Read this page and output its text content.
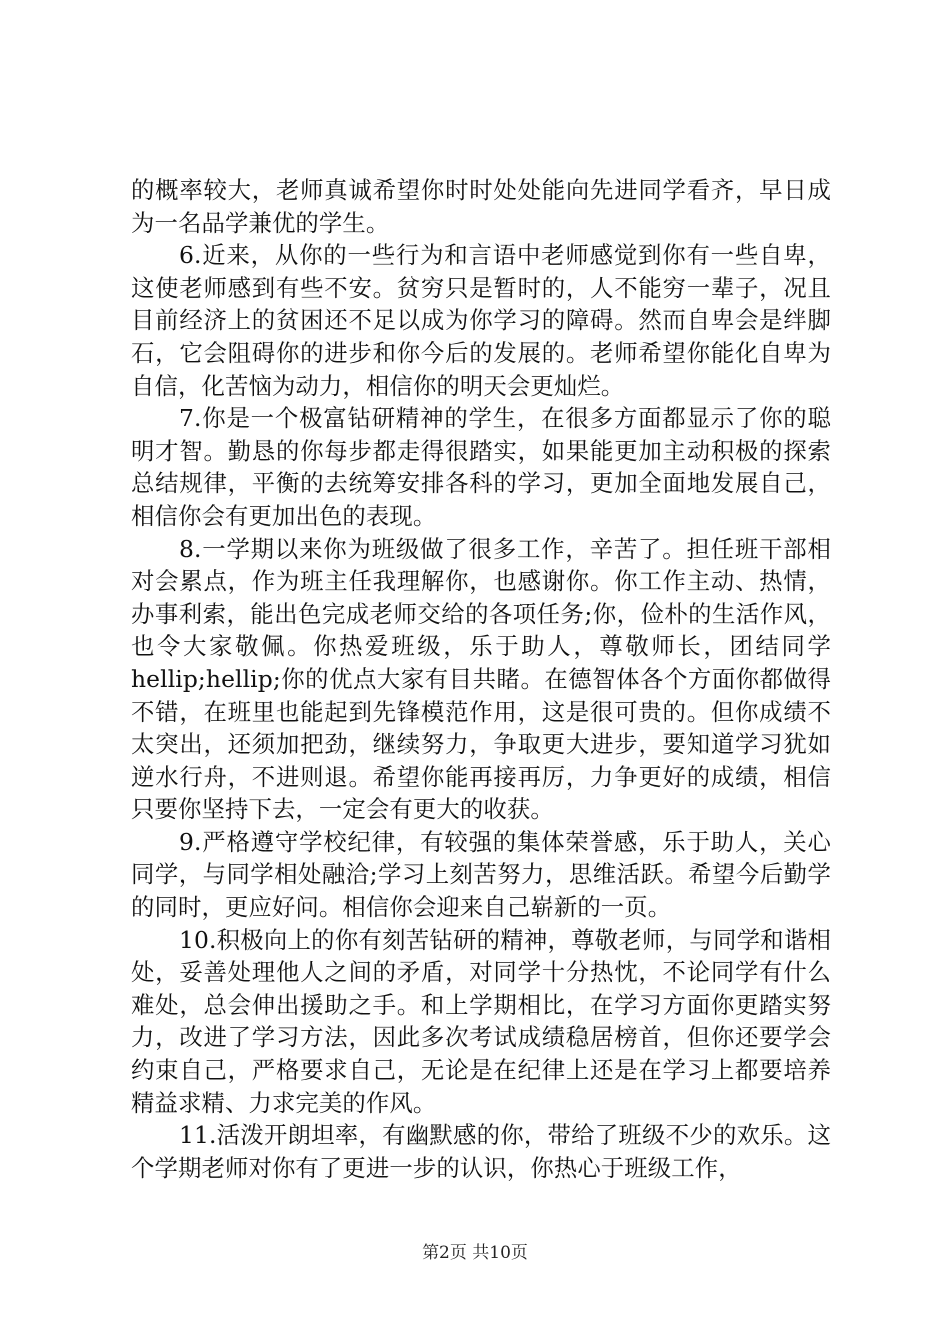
的概率较大，老师真诚希望你时时处处能向先进同学看齐，早日成为一名品学兼优的学生。

6.近来，从你的一些行为和言语中老师感觉到你有一些自卑，这使老师感到有些不安。贫穷只是暂时的，人不能穷一辈子，况且目前经济上的贫困还不足以成为你学习的障碍。然而自卑会是绊脚石，它会阻碍你的进步和你今后的发展的。老师希望你能化自卑为自信，化苦恼为动力，相信你的明天会更灿烂。

7.你是一个极富钻研精神的学生，在很多方面都显示了你的聪明才智。勤恳的你每步都走得很踏实，如果能更加主动积极的探索总结规律，平衡的去统筹安排各科的学习，更加全面地发展自己，相信你会有更加出色的表现。

8.一学期以来你为班级做了很多工作，辛苦了。担任班干部相对会累点，作为班主任我理解你，也感谢你。你工作主动、热情，办事利索，能出色完成老师交给的各项任务;你，俭朴的生活作风，也令大家敬佩。你热爱班级，乐于助人，尊敬师长，团结同学hellip;hellip;你的优点大家有目共睹。在德智体各个方面你都做得不错，在班里也能起到先锋模范作用，这是很可贵的。但你成绩不太突出，还须加把劲，继续努力，争取更大进步，要知道学习犹如逆水行舟，不进则退。希望你能再接再厉，力争更好的成绩，相信只要你坚持下去，一定会有更大的收获。

9.严格遵守学校纪律，有较强的集体荣誉感，乐于助人，关心同学，与同学相处融洽;学习上刻苦努力，思维活跃。希望今后勤学的同时，更应好问。相信你会迎来自己崭新的一页。

10.积极向上的你有刻苦钻研的精神，尊敬老师，与同学和谐相处，妥善处理他人之间的矛盾，对同学十分热忱，不论同学有什么难处，总会伸出援助之手。和上学期相比，在学习方面你更踏实努力，改进了学习方法，因此多次考试成绩稳居榜首，但你还要学会约束自己，严格要求自己，无论是在纪律上还是在学习上都要培养精益求精、力求完美的作风。

11.活泼开朗坦率，有幽默感的你，带给了班级不少的欢乐。这个学期老师对你有了更进一步的认识，你热心于班级工作，

第2页 共10页
